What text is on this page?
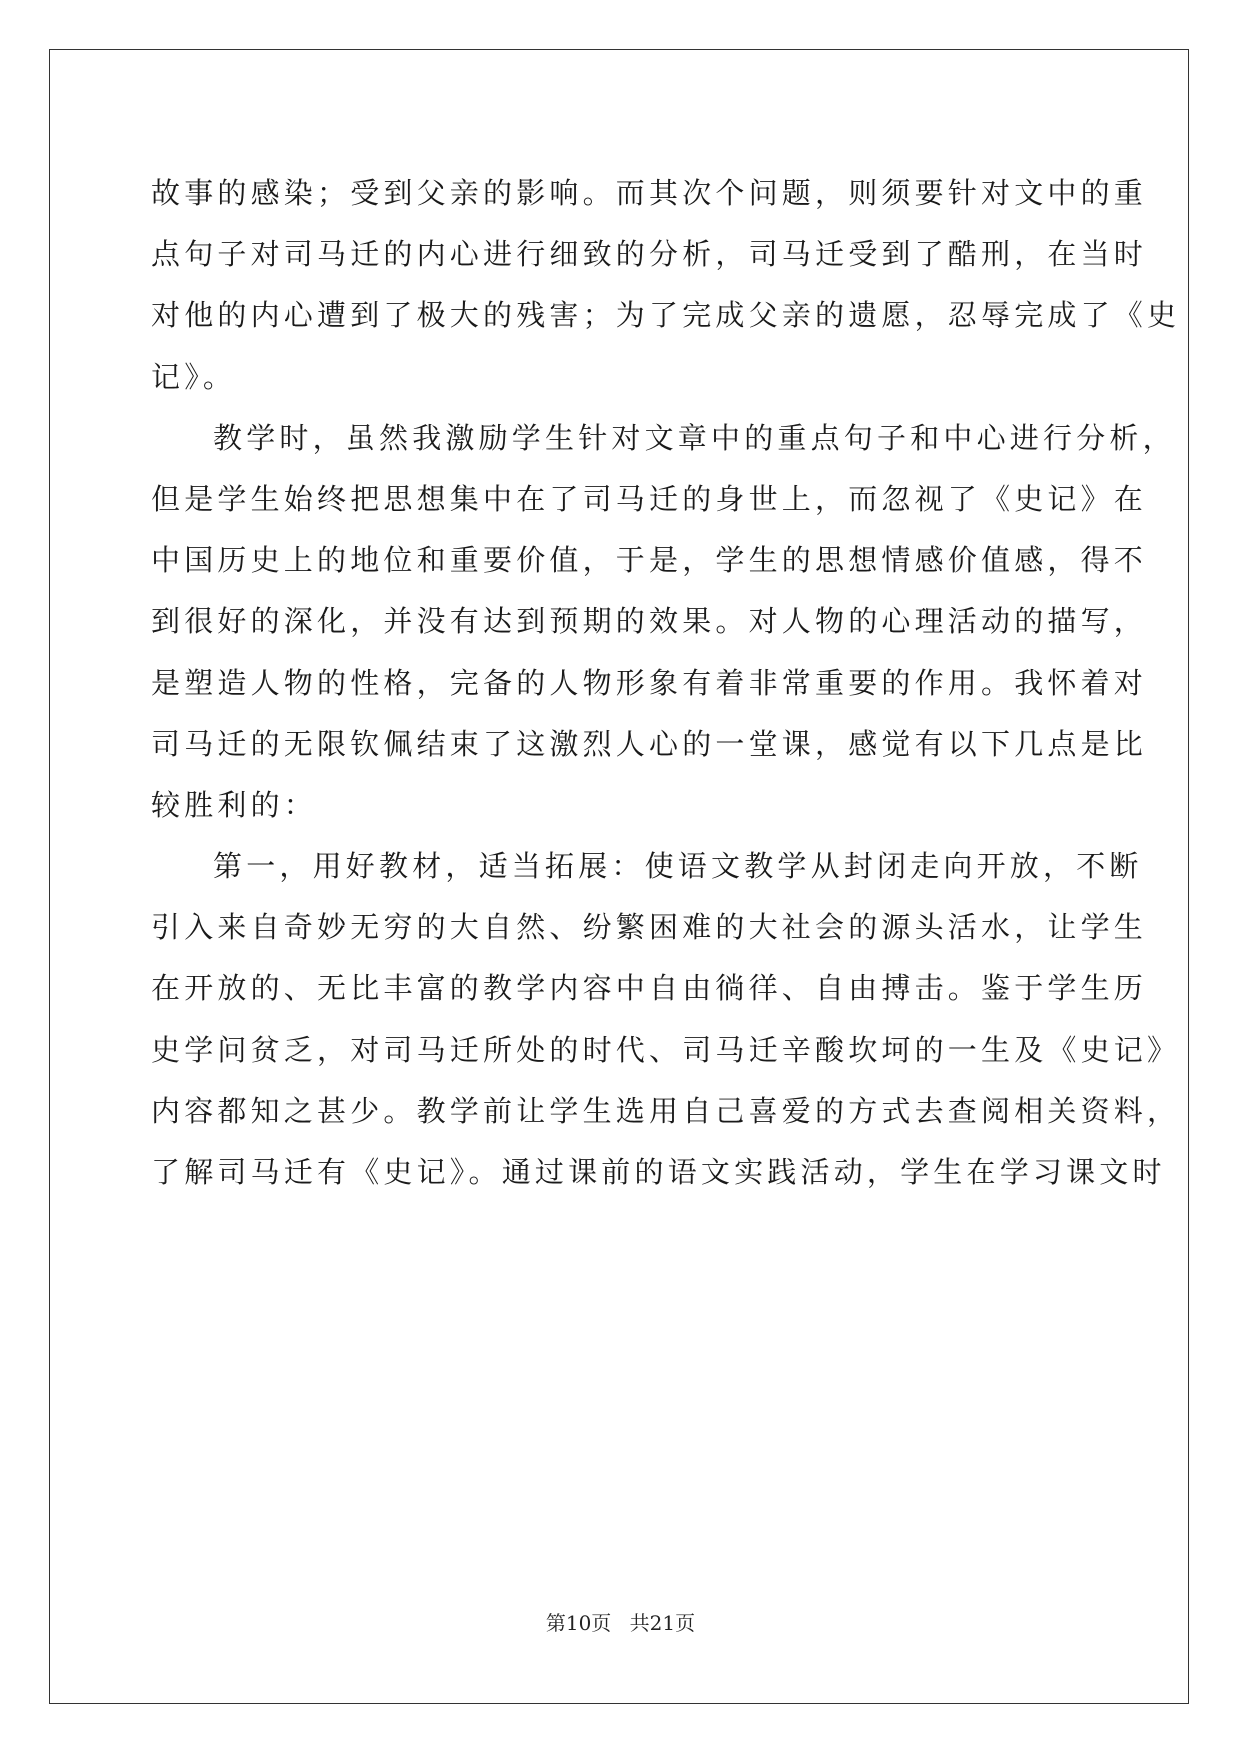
故事的感染；受到父亲的影响。而其次个问题，则须要针对文中的重
点句子对司马迁的内心进行细致的分析，司马迁受到了酷刑，在当时
对他的内心遭到了极大的残害；为了完成父亲的遗愿，忍辱完成了《史
记》。
教学时，虽然我激励学生针对文章中的重点句子和中心进行分析，
但是学生始终把思想集中在了司马迁的身世上，而忽视了《史记》在
中国历史上的地位和重要价值，于是，学生的思想情感价值感，得不
到很好的深化，并没有达到预期的效果。对人物的心理活动的描写，
是塑造人物的性格，完备的人物形象有着非常重要的作用。我怀着对
司马迁的无限钦佩结束了这激烈人心的一堂课，感觉有以下几点是比
较胜利的：
第一，用好教材，适当拓展：使语文教学从封闭走向开放，不断
引入来自奇妙无穷的大自然、纷繁困难的大社会的源头活水，让学生
在开放的、无比丰富的教学内容中自由徜徉、自由搏击。鉴于学生历
史学问贫乏，对司马迁所处的时代、司马迁辛酸坎坷的一生及《史记》
内容都知之甚少。教学前让学生选用自己喜爱的方式去查阅相关资料，
了解司马迁有《史记》。通过课前的语文实践活动，学生在学习课文时
第10页 共21页
